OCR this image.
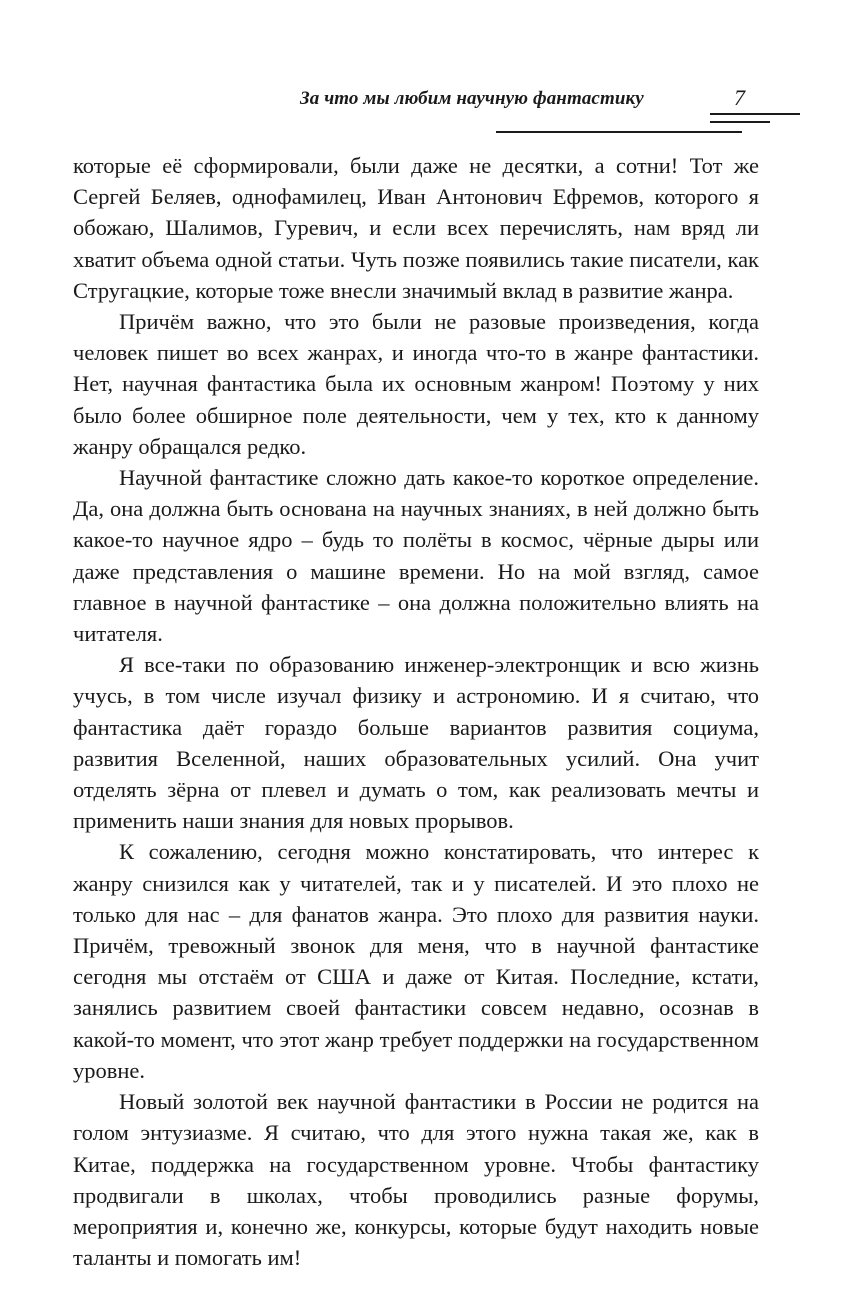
За что мы любим научную фантастику	7

которые её сформировали, были даже не десятки, а сотни! Тот же Сергей Беляев, однофамилец, Иван Антонович Ефремов, которого я обожаю, Шалимов, Гуревич, и если всех перечислять, нам вряд ли хватит объема одной статьи. Чуть позже появились такие писатели, как Стругацкие, которые тоже внесли значимый вклад в развитие жанра.

Причём важно, что это были не разовые произведения, когда человек пишет во всех жанрах, и иногда что-то в жанре фантастики. Нет, научная фантастика была их основным жанром! Поэтому у них было более обширное поле деятельности, чем у тех, кто к данному жанру обращался редко.

Научной фантастике сложно дать какое-то короткое определение. Да, она должна быть основана на научных знаниях, в ней должно быть какое-то научное ядро – будь то полёты в космос, чёрные дыры или даже представления о машине времени. Но на мой взгляд, самое главное в научной фантастике – она должна положительно влиять на читателя.

Я все-таки по образованию инженер-электронщик и всю жизнь учусь, в том числе изучал физику и астрономию. И я считаю, что фантастика даёт гораздо больше вариантов развития социума, развития Вселенной, наших образовательных усилий. Она учит отделять зёрна от плевел и думать о том, как реализовать мечты и применить наши знания для новых прорывов.

К сожалению, сегодня можно констатировать, что интерес к жанру снизился как у читателей, так и у писателей. И это плохо не только для нас – для фанатов жанра. Это плохо для развития науки. Причём, тревожный звонок для меня, что в научной фантастике сегодня мы отстаём от США и даже от Китая. Последние, кстати, занялись развитием своей фантастики совсем недавно, осознав в какой-то момент, что этот жанр требует поддержки на государственном уровне.

Новый золотой век научной фантастики в России не родится на голом энтузиазме. Я считаю, что для этого нужна такая же, как в Китае, поддержка на государственном уровне. Чтобы фантастику продвигали в школах, чтобы проводились разные форумы, мероприятия и, конечно же, конкурсы, которые будут находить новые таланты и помогать им!
